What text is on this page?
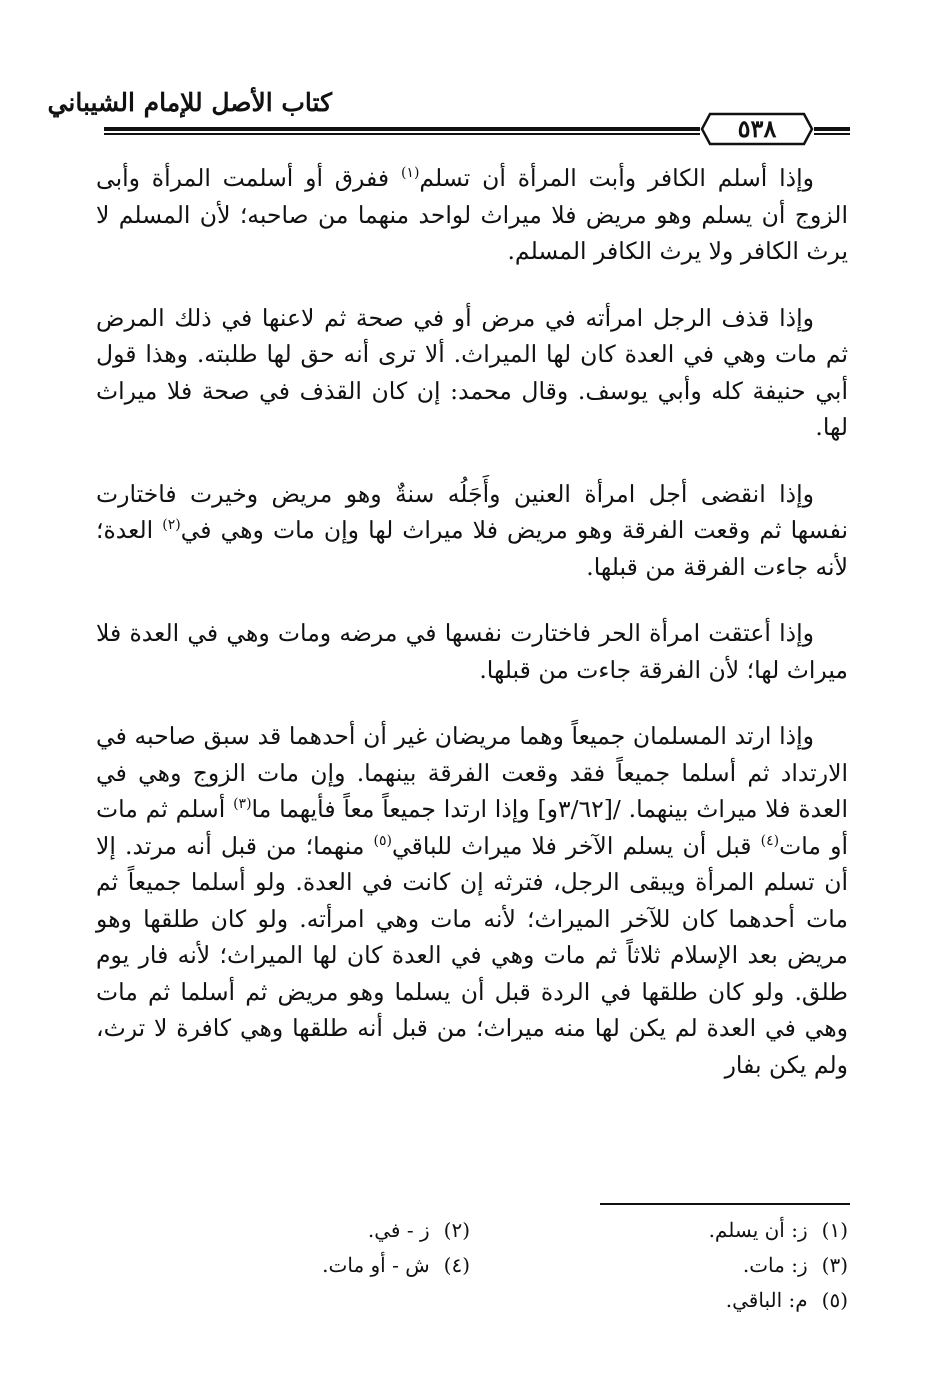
كتاب الأصل للإمام الشيباني
٥٣٨

وإذا أسلم الكافر وأبت المرأة أن تسلم$^{(١)}$ ففرق أو أسلمت المرأة وأبى الزوج أن يسلم وهو مريض فلا ميراث لواحد منهما من صاحبه؛ لأن المسلم لا يرث الكافر ولا يرث الكافر المسلم.

وإذا قذف الرجل امرأته في مرض أو في صحة ثم لاعنها في ذلك المرض ثم مات وهي في العدة كان لها الميراث. ألا ترى أنه حق لها طلبته. وهذا قول أبي حنيفة كله وأبي يوسف. وقال محمد: إن كان القذف في صحة فلا ميراث لها.

وإذا انقضى أجل امرأة العنين وأَجَلُه سنةٌ وهو مريض وخيرت فاختارت نفسها ثم وقعت الفرقة وهو مريض فلا ميراث لها وإن مات وهي في$^{(٢)}$ العدة؛ لأنه جاءت الفرقة من قبلها.

وإذا أعتقت امرأة الحر فاختارت نفسها في مرضه ومات وهي في العدة فلا ميراث لها؛ لأن الفرقة جاءت من قبلها.

وإذا ارتد المسلمان جميعاً وهما مريضان غير أن أحدهما قد سبق صاحبه في الارتداد ثم أسلما جميعاً فقد وقعت الفرقة بينهما. وإن مات الزوج وهي في العدة فلا ميراث بينهما. /[٣/٦٢و] وإذا ارتدا جميعاً معاً فأيهما ما$^{(٣)}$ أسلم ثم مات أو مات$^{(٤)}$ قبل أن يسلم الآخر فلا ميراث للباقي$^{(٥)}$ منهما؛ من قبل أنه مرتد. إلا أن تسلم المرأة ويبقى الرجل، فترثه إن كانت في العدة. ولو أسلما جميعاً ثم مات أحدهما كان للآخر الميراث؛ لأنه مات وهي امرأته. ولو كان طلقها وهو مريض بعد الإسلام ثلاثاً ثم مات وهي في العدة كان لها الميراث؛ لأنه فار يوم طلق. ولو كان طلقها في الردة قبل أن يسلما وهو مريض ثم أسلما ثم مات وهي في العدة لم يكن لها منه ميراث؛ من قبل أنه طلقها وهي كافرة لا ترث، ولم يكن بفار

(١)ز: أن يسلم.
(٢)ز - في.
(٣)ز: مات.
(٤)ش - أو مات.
(٥)م: الباقي.
